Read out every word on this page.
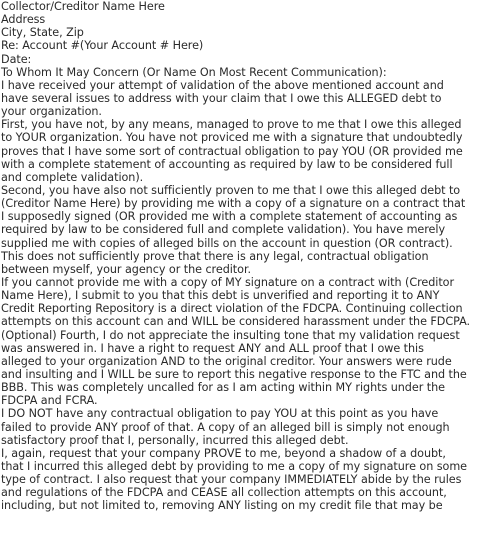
Collector/Creditor Name Here
Address
City, State, Zip
Re: Account #(Your Account # Here)
Date:
To Whom It May Concern (Or Name On Most Recent Communication):
I have received your attempt of validation of the above mentioned account and
have several issues to address with your claim that I owe this ALLEGED debt to
your organization.
First, you have not, by any means, managed to prove to me that I owe this alleged
to YOUR organization. You have not proviced me with a signature that undoubtedly
proves that I have some sort of contractual obligation to pay YOU (OR provided me
with a complete statement of accounting as required by law to be considered full
and complete validation).
Second, you have also not sufficiently proven to me that I owe this alleged debt to
(Creditor Name Here) by providing me with a copy of a signature on a contract that
I supposedly signed (OR provided me with a complete statement of accounting as
required by law to be considered full and complete validation). You have merely
supplied me with copies of alleged bills on the account in question (OR contract).
This does not sufficiently prove that there is any legal, contractual obligation
between myself, your agency or the creditor.
If you cannot provide me with a copy of MY signature on a contract with (Creditor
Name Here), I submit to you that this debt is unverified and reporting it to ANY
Credit Reporting Repository is a direct violation of the FDCPA. Continuing collection
attempts on this account can and WILL be considered harassment under the FDCPA.
(Optional) Fourth, I do not appreciate the insulting tone that my validation request
was answered in. I have a right to request ANY and ALL proof that I owe this
alleged to your organization AND to the original creditor. Your answers were rude
and insulting and I WILL be sure to report this negative response to the FTC and the
BBB. This was completely uncalled for as I am acting within MY rights under the
FDCPA and FCRA.
I DO NOT have any contractual obligation to pay YOU at this point as you have
failed to provide ANY proof of that. A copy of an alleged bill is simply not enough
satisfactory proof that I, personally, incurred this alleged debt.
I, again, request that your company PROVE to me, beyond a shadow of a doubt,
that I incurred this alleged debt by providing to me a copy of my signature on some
type of contract. I also request that your company IMMEDIATELY abide by the rules
and regulations of the FDCPA and CEASE all collection attempts on this account,
including, but not limited to, removing ANY listing on my credit file that may be
